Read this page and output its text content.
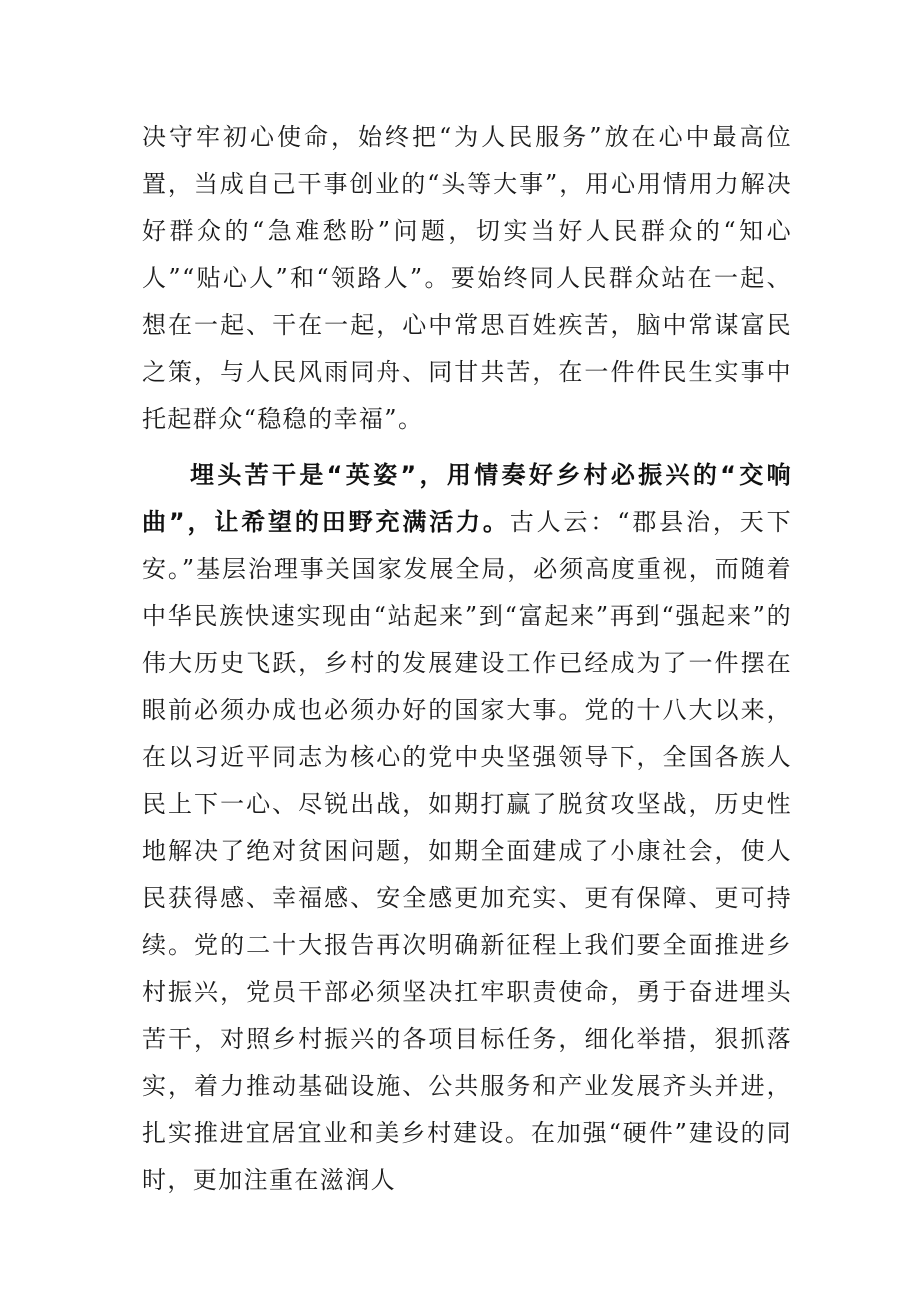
决守牢初心使命，始终把“为人民服务”放在心中最高位置，当成自己干事创业的“头等大事”，用心用情用力解决好群众的“急难愁盼”问题，切实当好人民群众的“知心人”“贴心人”和“领路人”。要始终同人民群众站在一起、想在一起、干在一起，心中常思百姓疾苦，脑中常谋富民之策，与人民风雨同舟、同甘共苦，在一件件民生实事中托起群众“稳稳的幸福”。

埋头苦干是“英姿”，用情奏好乡村必振兴的“交响曲”，让希望的田野充满活力。古人云：“郡县治，天下安。”基层治理事关国家发展全局，必须高度重视，而随着中华民族快速实现由“站起来”到“富起来”再到“强起来”的伟大历史飞跃，乡村的发展建设工作已经成为了一件摆在眼前必须办成也必须办好的国家大事。党的十八大以来，在以习近平同志为核心的党中央坚强领导下，全国各族人民上下一心、尽锐出战，如期打赢了脱贫攻坚战，历史性地解决了绝对贫困问题，如期全面建成了小康社会，使人民获得感、幸福感、安全感更加充实、更有保障、更可持续。党的二十大报告再次明确新征程上我们要全面推进乡村振兴，党员干部必须坚决扛牢职责使命，勇于奋进埋头苦干，对照乡村振兴的各项目标任务，细化举措，狠抓落实，着力推动基础设施、公共服务和产业发展齐头并进，扎实推进宜居宜业和美乡村建设。在加强“硬件”建设的同时，更加注重在滋润人
